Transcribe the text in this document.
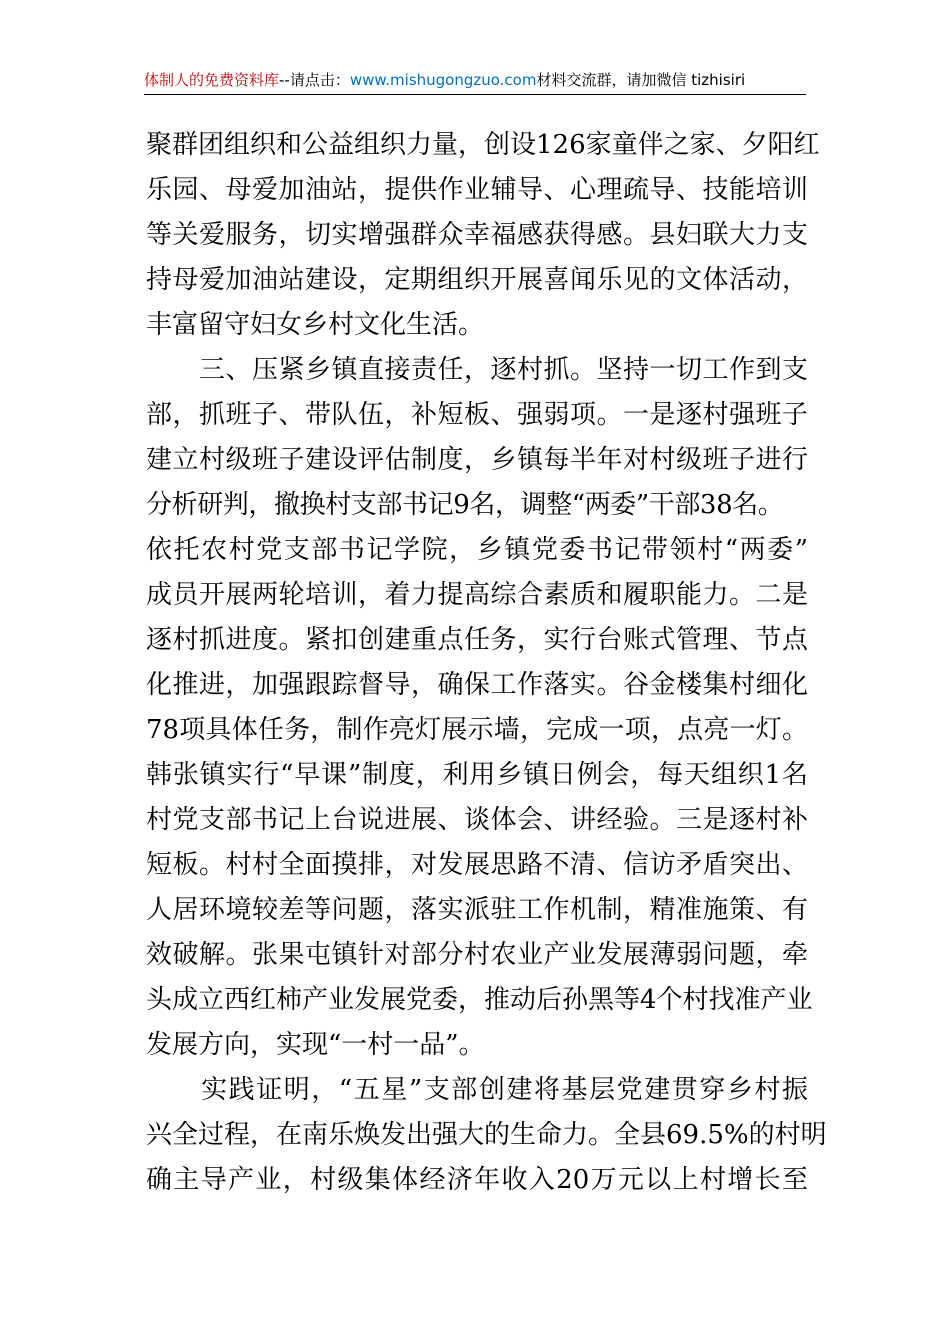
体制人的免费资料库--请点击：www.mishugongzuo.com材料交流群，请加微信 tizhisiri
聚群团组织和公益组织力量，创设126家童伴之家、夕阳红
乐园、母爱加油站，提供作业辅导、心理疏导、技能培训
等关爱服务，切实增强群众幸福感获得感。县妇联大力支
持母爱加油站建设，定期组织开展喜闻乐见的文体活动，
丰富留守妇女乡村文化生活。
　　三、压紧乡镇直接责任，逐村抓。坚持一切工作到支
部，抓班子、带队伍，补短板、强弱项。一是逐村强班子
建立村级班子建设评估制度，乡镇每半年对村级班子进行
分析研判，撤换村支部书记9名，调整“两委”干部38名。
依托农村党支部书记学院，乡镇党委书记带领村“两委”
成员开展两轮培训，着力提高综合素质和履职能力。二是
逐村抓进度。紧扣创建重点任务，实行台账式管理、节点
化推进，加强跟踪督导，确保工作落实。谷金楼集村细化
78项具体任务，制作亮灯展示墙，完成一项，点亮一灯。
韩张镇实行“早课”制度，利用乡镇日例会，每天组织1名
村党支部书记上台说进展、谈体会、讲经验。三是逐村补
短板。村村全面摸排，对发展思路不清、信访矛盾突出、
人居环境较差等问题，落实派驻工作机制，精准施策、有
效破解。张果屯镇针对部分村农业产业发展薄弱问题，牵
头成立西红柿产业发展党委，推动后孙黑等4个村找准产业
发展方向，实现“一村一品”。
　　实践证明，“五星”支部创建将基层党建贯穿乡村振
兴全过程，在南乐焕发出强大的生命力。全县69.5%的村明
确主导产业，村级集体经济年收入20万元以上村增长至
